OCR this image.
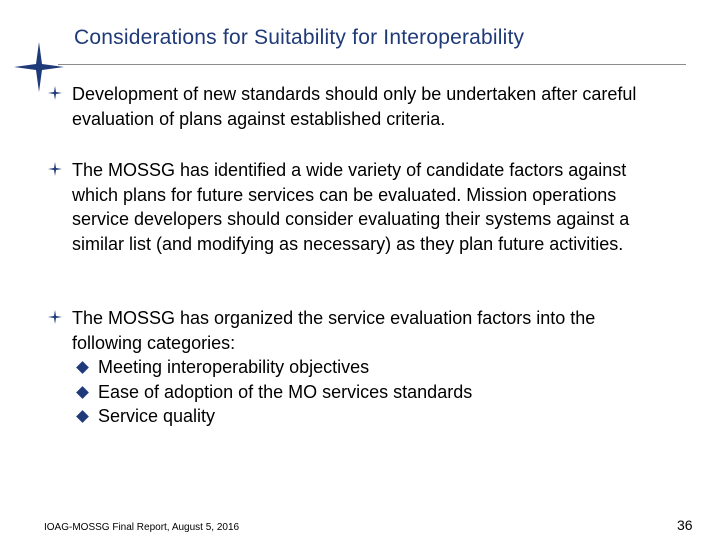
Considerations for Suitability for Interoperability
Development of new standards should only be undertaken after careful evaluation of plans against established criteria.
The MOSSG has identified a wide variety of candidate factors against which plans for future services can be evaluated. Mission operations service developers should consider evaluating their systems against a similar list (and modifying as necessary) as they plan future activities.
The MOSSG has organized the service evaluation factors into the following categories:
Meeting interoperability objectives
Ease of adoption of the MO services standards
Service quality
IOAG-MOSSG Final Report, August 5, 2016	36
